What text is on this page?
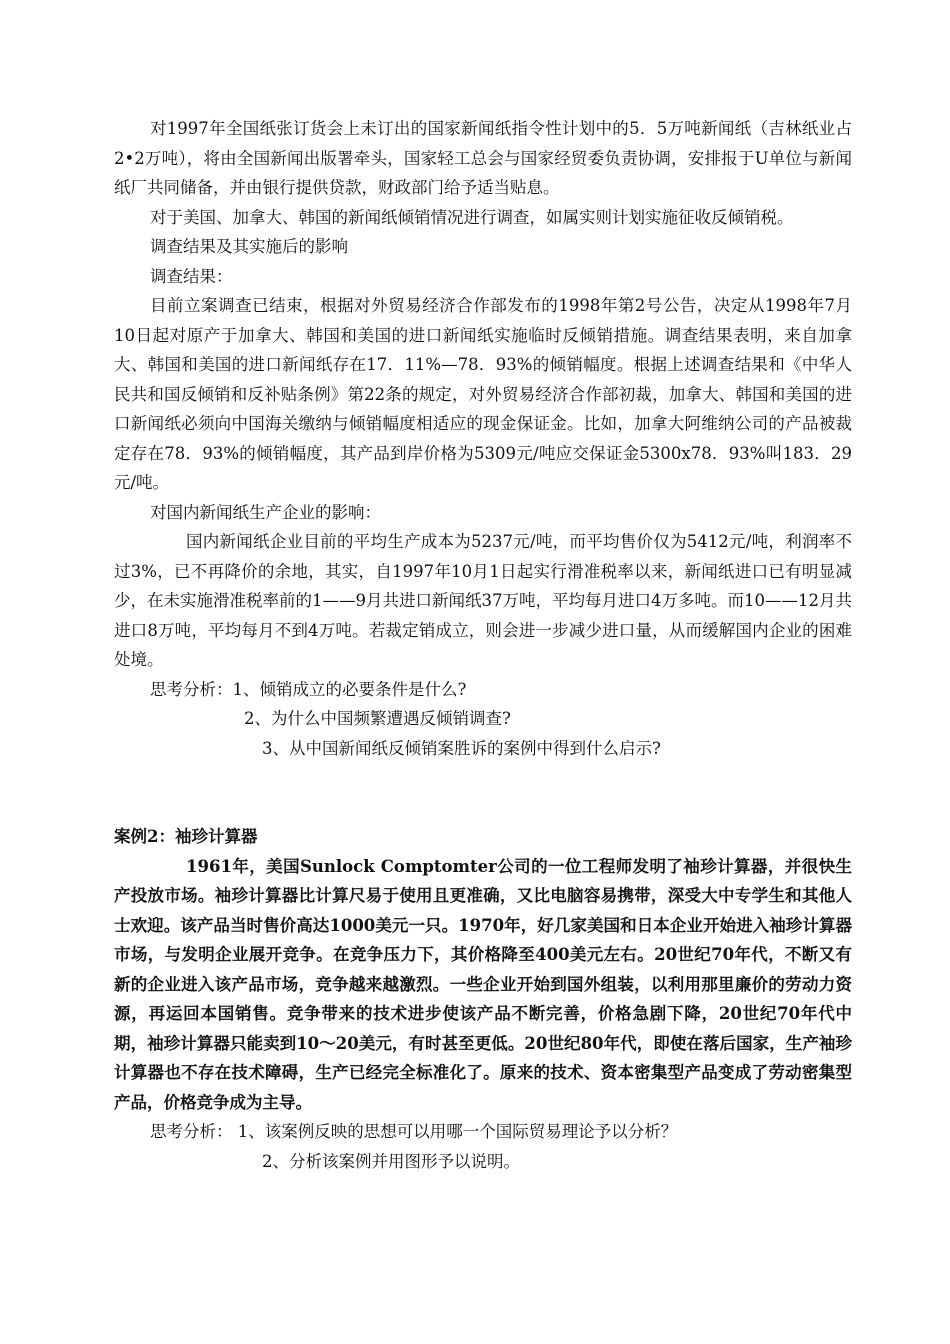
对1997年全国纸张订货会上未订出的国家新闻纸指令性计划中的5．5万吨新闻纸（吉林纸业占2•2万吨），将由全国新闻出版署牵头，国家轻工总会与国家经贸委负责协调，安排报于U单位与新闻纸厂共同储备，并由银行提供贷款，财政部门给予适当贴息。

对于美国、加拿大、韩国的新闻纸倾销情况进行调查，如属实则计划实施征收反倾销税。

调查结果及其实施后的影响

调查结果：

目前立案调查已结束，根据对外贸易经济合作部发布的1998年第2号公告，决定从1998年7月10日起对原产于加拿大、韩国和美国的进口新闻纸实施临时反倾销措施。调查结果表明，来自加拿大、韩国和美国的进口新闻纸存在17．11%—78．93%的倾销幅度。根据上述调查结果和《中华人民共和国反倾销和反补贴条例》第22条的规定，对外贸易经济合作部初裁，加拿大、韩国和美国的进口新闻纸必须向中国海关缴纳与倾销幅度相适应的现金保证金。比如，加拿大阿维纳公司的产品被裁定存在78．93%的倾销幅度，其产品到岸价格为5309元/吨应交保证金5300x78．93%叫183．29元/吨。

对国内新闻纸生产企业的影响：

国内新闻纸企业目前的平均生产成本为5237元/吨，而平均售价仅为5412元/吨，利润率不过3%，已不再降价的余地，其实，自1997年10月1日起实行滑准税率以来，新闻纸进口已有明显减少，在未实施滑准税率前的1——9月共进口新闻纸37万吨，平均每月进口4万多吨。而10——12月共进口8万吨，平均每月不到4万吨。若裁定销成立，则会进一步减少进口量，从而缓解国内企业的困难处境。

思考分析：1、倾销成立的必要条件是什么?

2、为什么中国频繁遭遇反倾销调查?

3、从中国新闻纸反倾销案胜诉的案例中得到什么启示?

案例2：袖珍计算器

1961年，美国Sunlock Comptomter公司的一位工程师发明了袖珍计算器，并很快生产投放市场。袖珍计算器比计算尺易于使用且更准确，又比电脑容易携带，深受大中专学生和其他人士欢迎。该产品当时售价高达1000美元一只。1970年，好几家美国和日本企业开始进入袖珍计算器市场，与发明企业展开竞争。在竞争压力下，其价格降至400美元左右。20世纪70年代，不断又有新的企业进入该产品市场，竞争越来越激烈。一些企业开始到国外组装，以利用那里廉价的劳动力资源，再运回本国销售。竞争带来的技术进步使该产品不断完善，价格急剧下降，20世纪70年代中期，袖珍计算器只能卖到10～20美元，有时甚至更低。20世纪80年代，即使在落后国家，生产袖珍计算器也不存在技术障碍，生产已经完全标准化了。原来的技术、资本密集型产品变成了劳动密集型产品，价格竞争成为主导。

思考分析： 1、该案例反映的思想可以用哪一个国际贸易理论予以分析？

2、分析该案例并用图形予以说明。
